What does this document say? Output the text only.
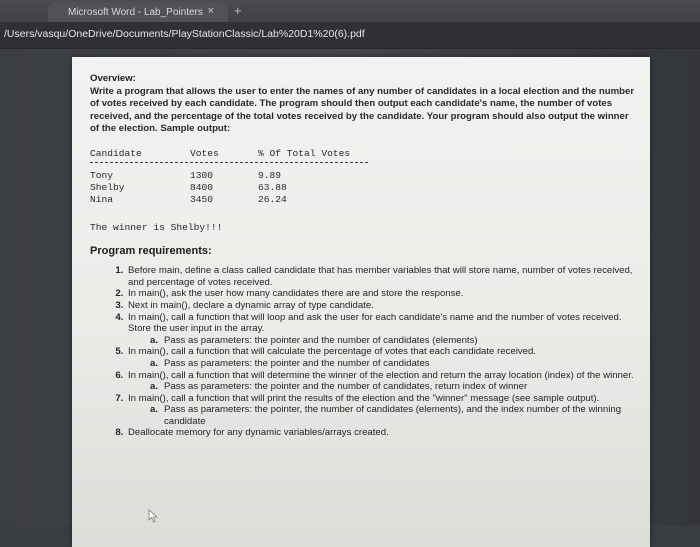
Microsoft Word - Lab_Pointers × +
/Users/vasqu/OneDrive/Documents/PlayStationClassic/Lab%20D1%20(6).pdf
Overview:
Write a program that allows the user to enter the names of any number of candidates in a local election and the number
of votes received by each candidate. The program should then output each candidate's name, the number of votes
received, and the percentage of the total votes received by the candidate. Your program should also output the winner
of the election. Sample output:
Candidate	Votes	% Of Total Votes
Tony	1300	9.89
Shelby	8400	63.88
Nina	3450	26.24
The winner is Shelby!!!
Program requirements:
1. Before main, define a class called candidate that has member variables that will store name, number of votes received, and percentage of votes received.
2. In main(), ask the user how many candidates there are and store the response.
3. Next in main(), declare a dynamic array of type candidate.
4. In main(), call a function that will loop and ask the user for each candidate's name and the number of votes received. Store the user input in the array.
a. Pass as parameters: the pointer and the number of candidates (elements)
5. In main(), call a function that will calculate the percentage of votes that each candidate received.
a. Pass as parameters: the pointer and the number of candidates
6. In main(), call a function that will determine the winner of the election and return the array location (index) of the winner.
a. Pass as parameters: the pointer and the number of candidates, return index of winner
7. In main(), call a function that will print the results of the election and the "winner" message (see sample output).
a. Pass as parameters: the pointer, the number of candidates (elements), and the index number of the winning candidate
8. Deallocate memory for any dynamic variables/arrays created.
